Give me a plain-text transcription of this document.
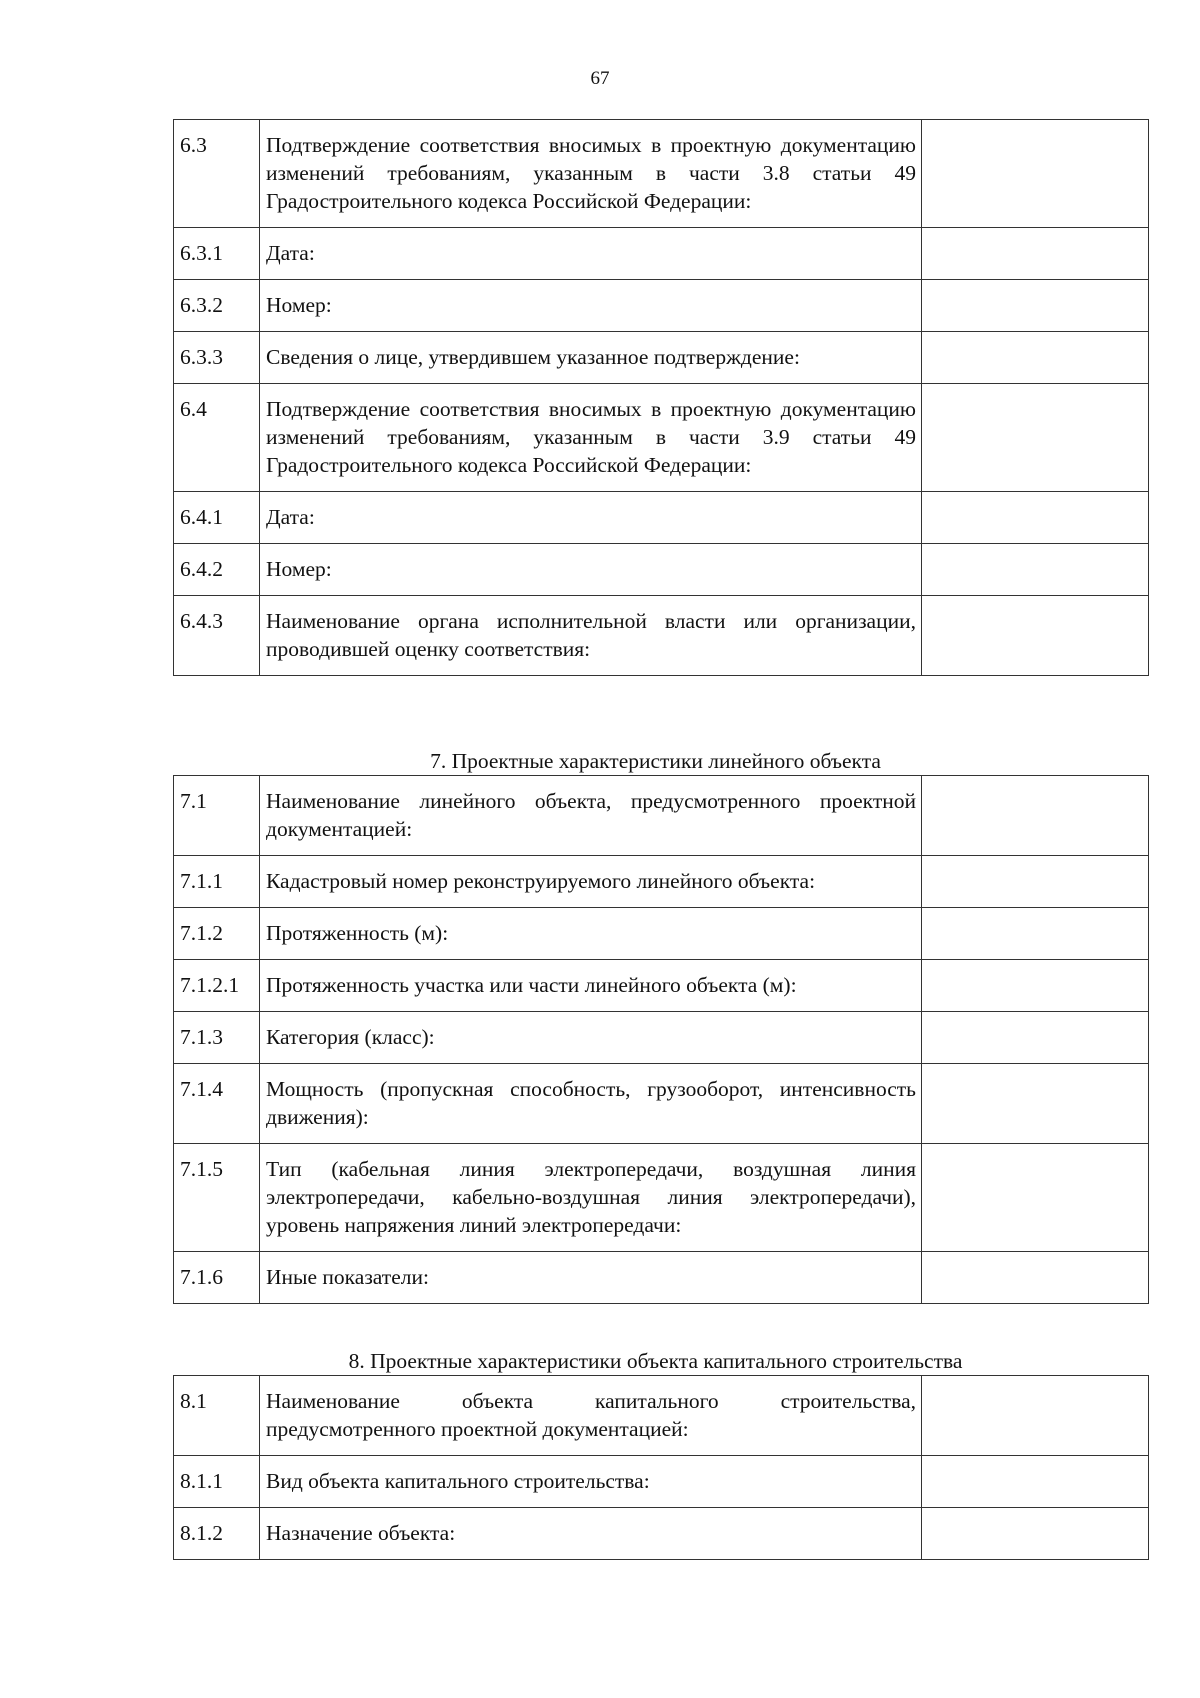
67
6.3	Подтверждение соответствия вносимых в проектную документацию изменений требованиям, указанным в части 3.8 статьи 49 Градостроительного кодекса Российской Федерации:	
6.3.1	Дата:	
6.3.2	Номер:	
6.3.3	Сведения о лице, утвердившем указанное подтверждение:	
6.4	Подтверждение соответствия вносимых в проектную документацию изменений требованиям, указанным в части 3.9 статьи 49 Градостроительного кодекса Российской Федерации:	
6.4.1	Дата:	
6.4.2	Номер:	
6.4.3	Наименование органа исполнительной власти или организации, проводившей оценку соответствия:	
7. Проектные характеристики линейного объекта
7.1	Наименование линейного объекта, предусмотренного проектной документацией:	
7.1.1	Кадастровый номер реконструируемого линейного объекта:	
7.1.2	Протяженность (м):	
7.1.2.1	Протяженность участка или части линейного объекта (м):	
7.1.3	Категория (класс):	
7.1.4	Мощность (пропускная способность, грузооборот, интенсивность движения):	
7.1.5	Тип (кабельная линия электропередачи, воздушная линия электропередачи, кабельно-воздушная линия электропередачи), уровень напряжения линий электропередачи:	
7.1.6	Иные показатели:	
8. Проектные характеристики объекта капитального строительства
8.1	Наименование объекта капитального строительства, предусмотренного проектной документацией:	
8.1.1	Вид объекта капитального строительства:	
8.1.2	Назначение объекта:	
